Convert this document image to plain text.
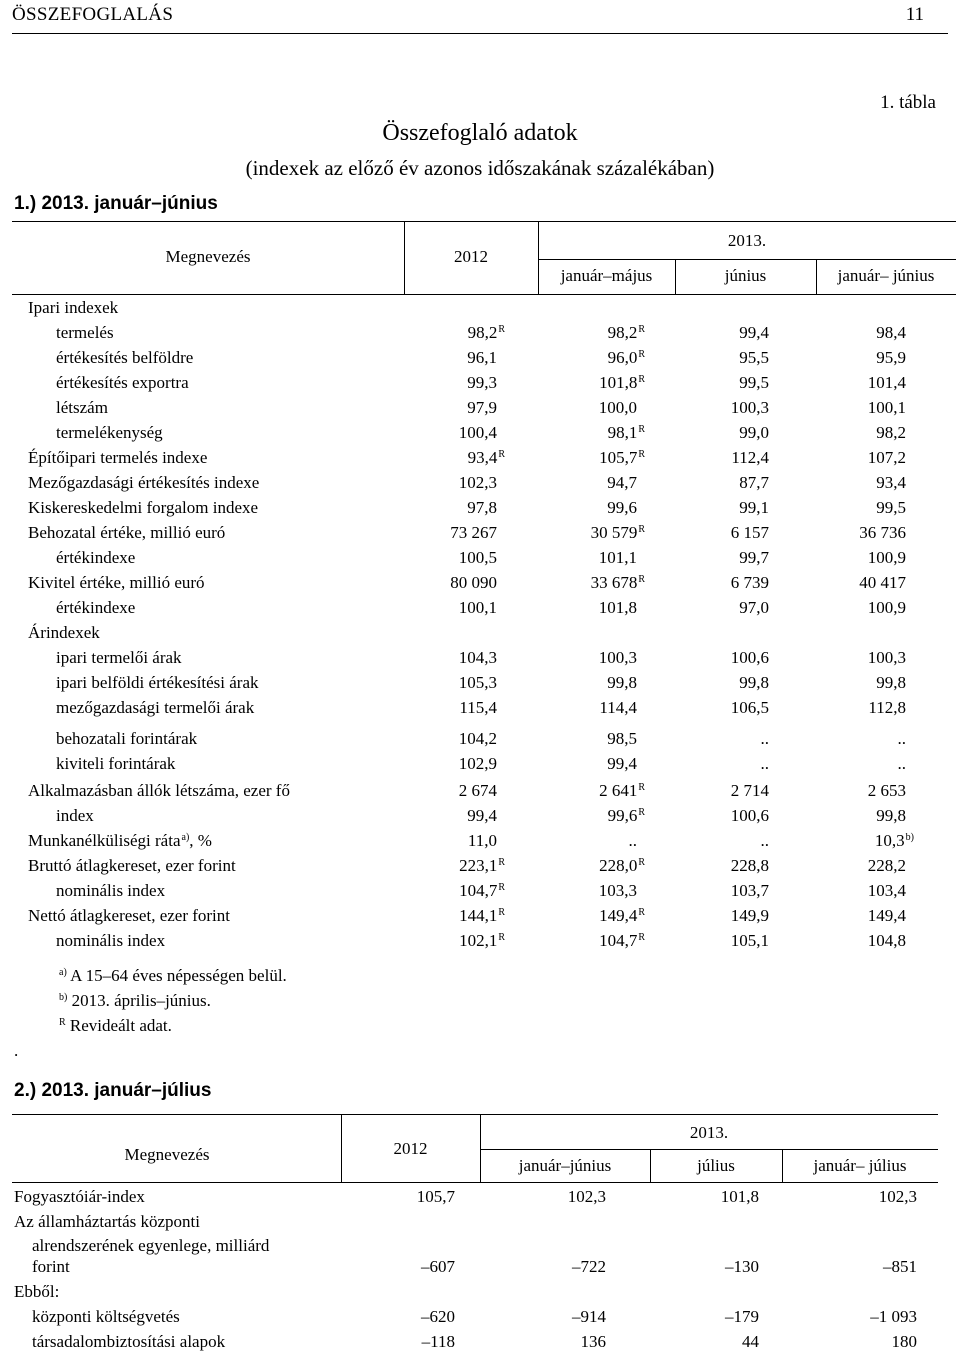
ÖSSZEFOGLALÁS	11
1. tábla
Összefoglaló adatok
(indexek az előző év azonos időszakának százalékában)
1.) 2013. január–június
Megnevezés	2012
2013.
január–május	június	január– június
Ipari indexek
termelés	$98,2^R$	$98,2^R$	99,4	98,4
értékesítés belföldre	96,1	$96,0^R$	95,5	95,9
értékesítés exportra	99,3	$101,8^R$	99,5	101,4
létszám	97,9	100,0	100,3	100,1
termelékenység	100,4	$98,1^R$	99,0	98,2
Építőipari termelés indexe	$93,4^R$	$105,7^R$	112,4	107,2
Mezőgazdasági értékesítés indexe	102,3	94,7	87,7	93,4
Kiskereskedelmi forgalom indexe	97,8	99,6	99,1	99,5
Behozatal értéke, millió euró	73 267	30 $579^R$	6 157	36 736
értékindexe	100,5	101,1	99,7	100,9
Kivitel értéke, millió euró	80 090	33 $678^R$	6 739	40 417
értékindexe	100,1	101,8	97,0	100,9
Árindexek
ipari termelői árak	104,3	100,3	100,6	100,3
ipari belföldi értékesítési árak	105,3	99,8	99,8	99,8
mezőgazdasági termelői árak	115,4	114,4	106,5	112,8
behozatali forintárak	104,2	98,5	..	..
kiviteli forintárak	102,9	99,4	..	..
Alkalmazásban állók létszáma, ezer fő	2 674	2 $641^R$	2 714	2 653
index	99,4	$99,6^R$	100,6	99,8
Munkanélküliségi ráta$^{a)}$, %	11,0	..	..	10,3$^{b)}$
Bruttó átlagkereset, ezer forint	$223,1^R$	$228,0^R$	228,8	228,2
nominális index	$104,7^R$	103,3	103,7	103,4
Nettó átlagkereset, ezer forint	$144,1^R$	$149,4^R$	149,9	149,4
nominális index	$102,1^R$	$104,7^R$	105,1	104,8
$^{a)}$ A 15–64 éves népességen belül.
$^{b)}$ 2013. április–június.
$^R$ Revideált adat.
.
2.) 2013. január–július
Megnevezés	2012
2013.
január–június	július	január– július
Fogyasztóiár-index	105,7	102,3	101,8	102,3
Az államháztartás központi
alrendszerének egyenlege, milliárd
forint	–607	–722	–130	–851
Ebből:
központi költségvetés	–620	–914	–179	–1 093
társadalombiztosítási alapok	–118	136	44	180
